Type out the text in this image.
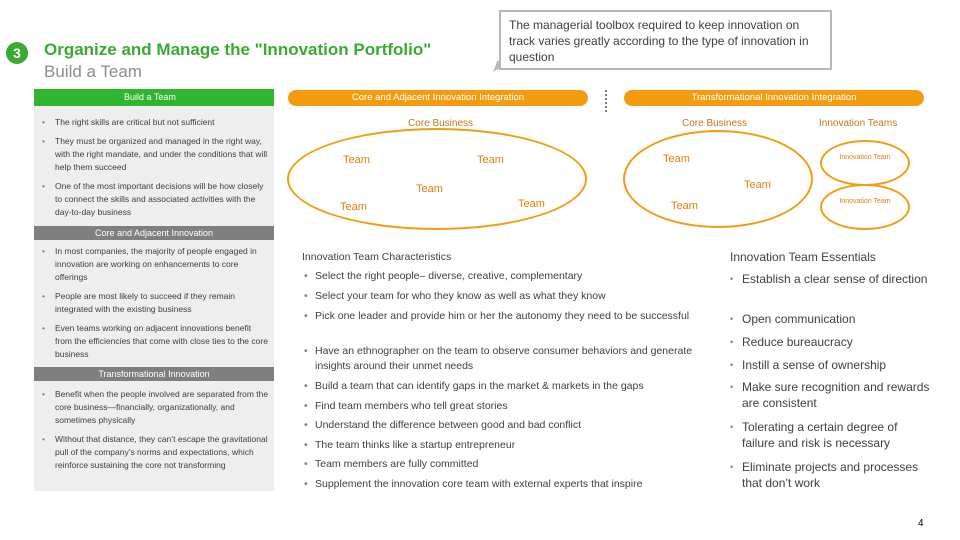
3	Organize and Manage the "Innovation Portfolio"
Build a Team
The managerial toolbox required to keep innovation on track varies greatly according to the type of innovation in question
Build a Team
•	The right skills are critical but not sufficient
•	They must be organized and managed in the right way, with the right mandate, and under the conditions that will help them succeed
•	One of the most important decisions will be how closely to connect the skills and associated activities with the day-to-day business
Core and Adjacent Innovation
•	In most companies, the majority of people engaged in innovation are working on enhancements to core offerings
•	People are most likely to succeed if they remain integrated with the existing business
•	Even teams working on adjacent innovations benefit from the efficiencies that come with close ties to the core business
Transformational Innovation
•	Benefit when the people involved are separated from the core business—financially, organizationally, and sometimes physically
•	Without that distance, they can’t escape the gravitational pull of the company’s norms and expectations, which reinforce sustaining the core not transforming
Core and Adjacent Innovation Integration	Transformational Innovation Integration
Core Business	Core Business	Innovation Teams
Team	Team
Team
Team	Team
Team
Team
Team
Innovation Team
Innovation Team
Innovation Team Characteristics
• Select the right people– diverse, creative, complementary
• Select your team for who they know as well as what they know
• Pick one leader and provide him or her the autonomy they need to be successful
• Have an ethnographer on the team to observe consumer behaviors and generate insights around their unmet needs
• Build a team that can identify gaps in the market & markets in the gaps
• Find team members who tell great stories
• Understand the difference between good and bad conflict
• The team thinks like a startup entrepreneur
• Team members are fully committed
• Supplement the innovation core team with external experts that inspire
Innovation Team Essentials
• Establish a clear sense of direction
• Open communication
• Reduce bureaucracy
• Instill a sense of ownership
• Make sure recognition and rewards are consistent
• Tolerating a certain degree of failure and risk is necessary
• Eliminate projects and processes that don’t work
4
